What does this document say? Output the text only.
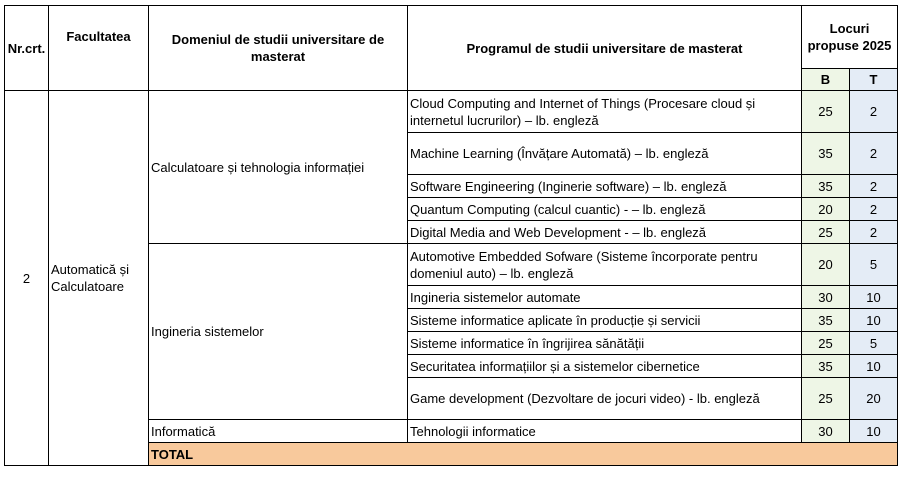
Nr.crt.	Facultatea	Domeniul de studii universitare de masterat	Programul de studii universitare de masterat	Locuri propuse 2025		
				B	T	
2	Automatică și Calculatoare	Calculatoare și tehnologia informației	Cloud Computing and Internet of Things (Procesare cloud și internetul lucrurilor) – lb. engleză	25	2	
			Machine Learning (Învățare Automată) – lb. engleză	35	2	
			Software Engineering (Inginerie software) – lb. engleză	35	2	
			Quantum Computing (calcul cuantic) - – lb. engleză	20	2	
			Digital Media and Web Development - – lb. engleză	25	2	
		Ingineria sistemelor	Automotive Embedded Sofware (Sisteme încorporate pentru domeniul auto) – lb. engleză	20	5	
			Ingineria sistemelor automate	30	10	
			Sisteme informatice aplicate în producție și servicii	35	10	
			Sisteme informatice în îngrijirea sănătății	25	5	
			Securitatea informațiilor și a sistemelor cibernetice	35	10	
			Game development (Dezvoltare de jocuri video) - lb. engleză	25	20	
		Informatică	Tehnologii informatice	30	10	
		TOTAL		
